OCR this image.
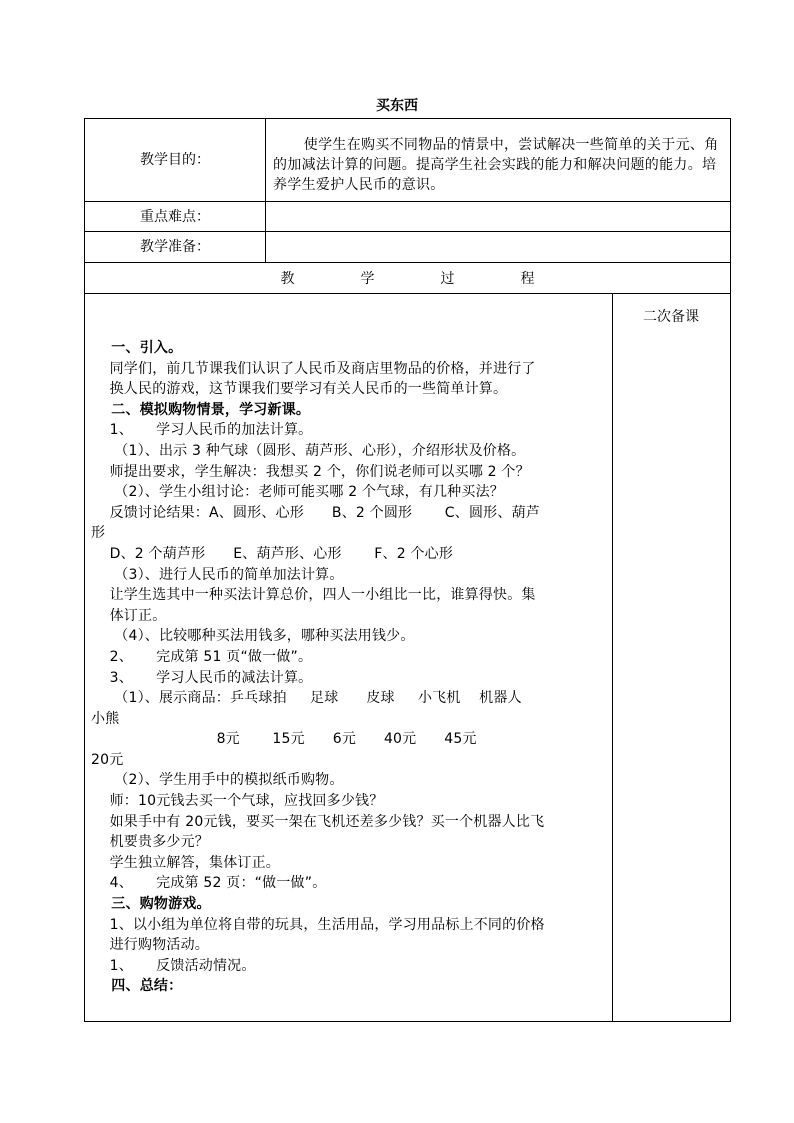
买东西
教学目的：
使学生在购买不同物品的情景中，尝试解决一些简单的关于元、角的加减法计算的问题。提高学生社会实践的能力和解决问题的能力。培养学生爱护人民币的意识。
重点难点：
教学准备：
教	学	过	程
二次备课

一、引入。

同学们，前几节课我们认识了人民币及商店里物品的价格，并进行了

换人民的游戏，这节课我们要学习有关人民币的一些简单计算。

二、模拟购物情景，学习新课。

1、     学习人民币的加法计算。

（1）、出示 3 种气球（圆形、葫芦形、心形），介绍形状及价格。

师提出要求，学生解决：我想买 2 个，你们说老师可以买哪 2 个？

（2）、学生小组讨论：老师可能买哪 2 个气球，有几种买法？

反馈讨论结果：A、圆形、心形      B、2 个圆形       C、圆形、葫芦

形

D、2 个葫芦形      E、葫芦形、心形       F、2 个心形

（3）、进行人民币的简单加法计算。

让学生选其中一种买法计算总价，四人一小组比一比，谁算得快。集

体订正。

（4）、比较哪种买法用钱多，哪种买法用钱少。

2、     完成第 51 页“做一做”。

3、     学习人民币的减法计算。

（1）、展示商品：乒乓球拍     足球      皮球     小飞机    机器人

小熊

8元       15元      6元      40元      45元

20元

（2）、学生用手中的模拟纸币购物。

师：10元钱去买一个气球，应找回多少钱？

如果手中有 20元钱，要买一架在飞机还差多少钱？买一个机器人比飞

机要贵多少元？

学生独立解答，集体订正。

4、     完成第 52 页：“做一做”。

三、购物游戏。

1、以小组为单位将自带的玩具，生活用品，学习用品标上不同的价格

进行购物活动。

1、     反馈活动情况。

四、总结：
